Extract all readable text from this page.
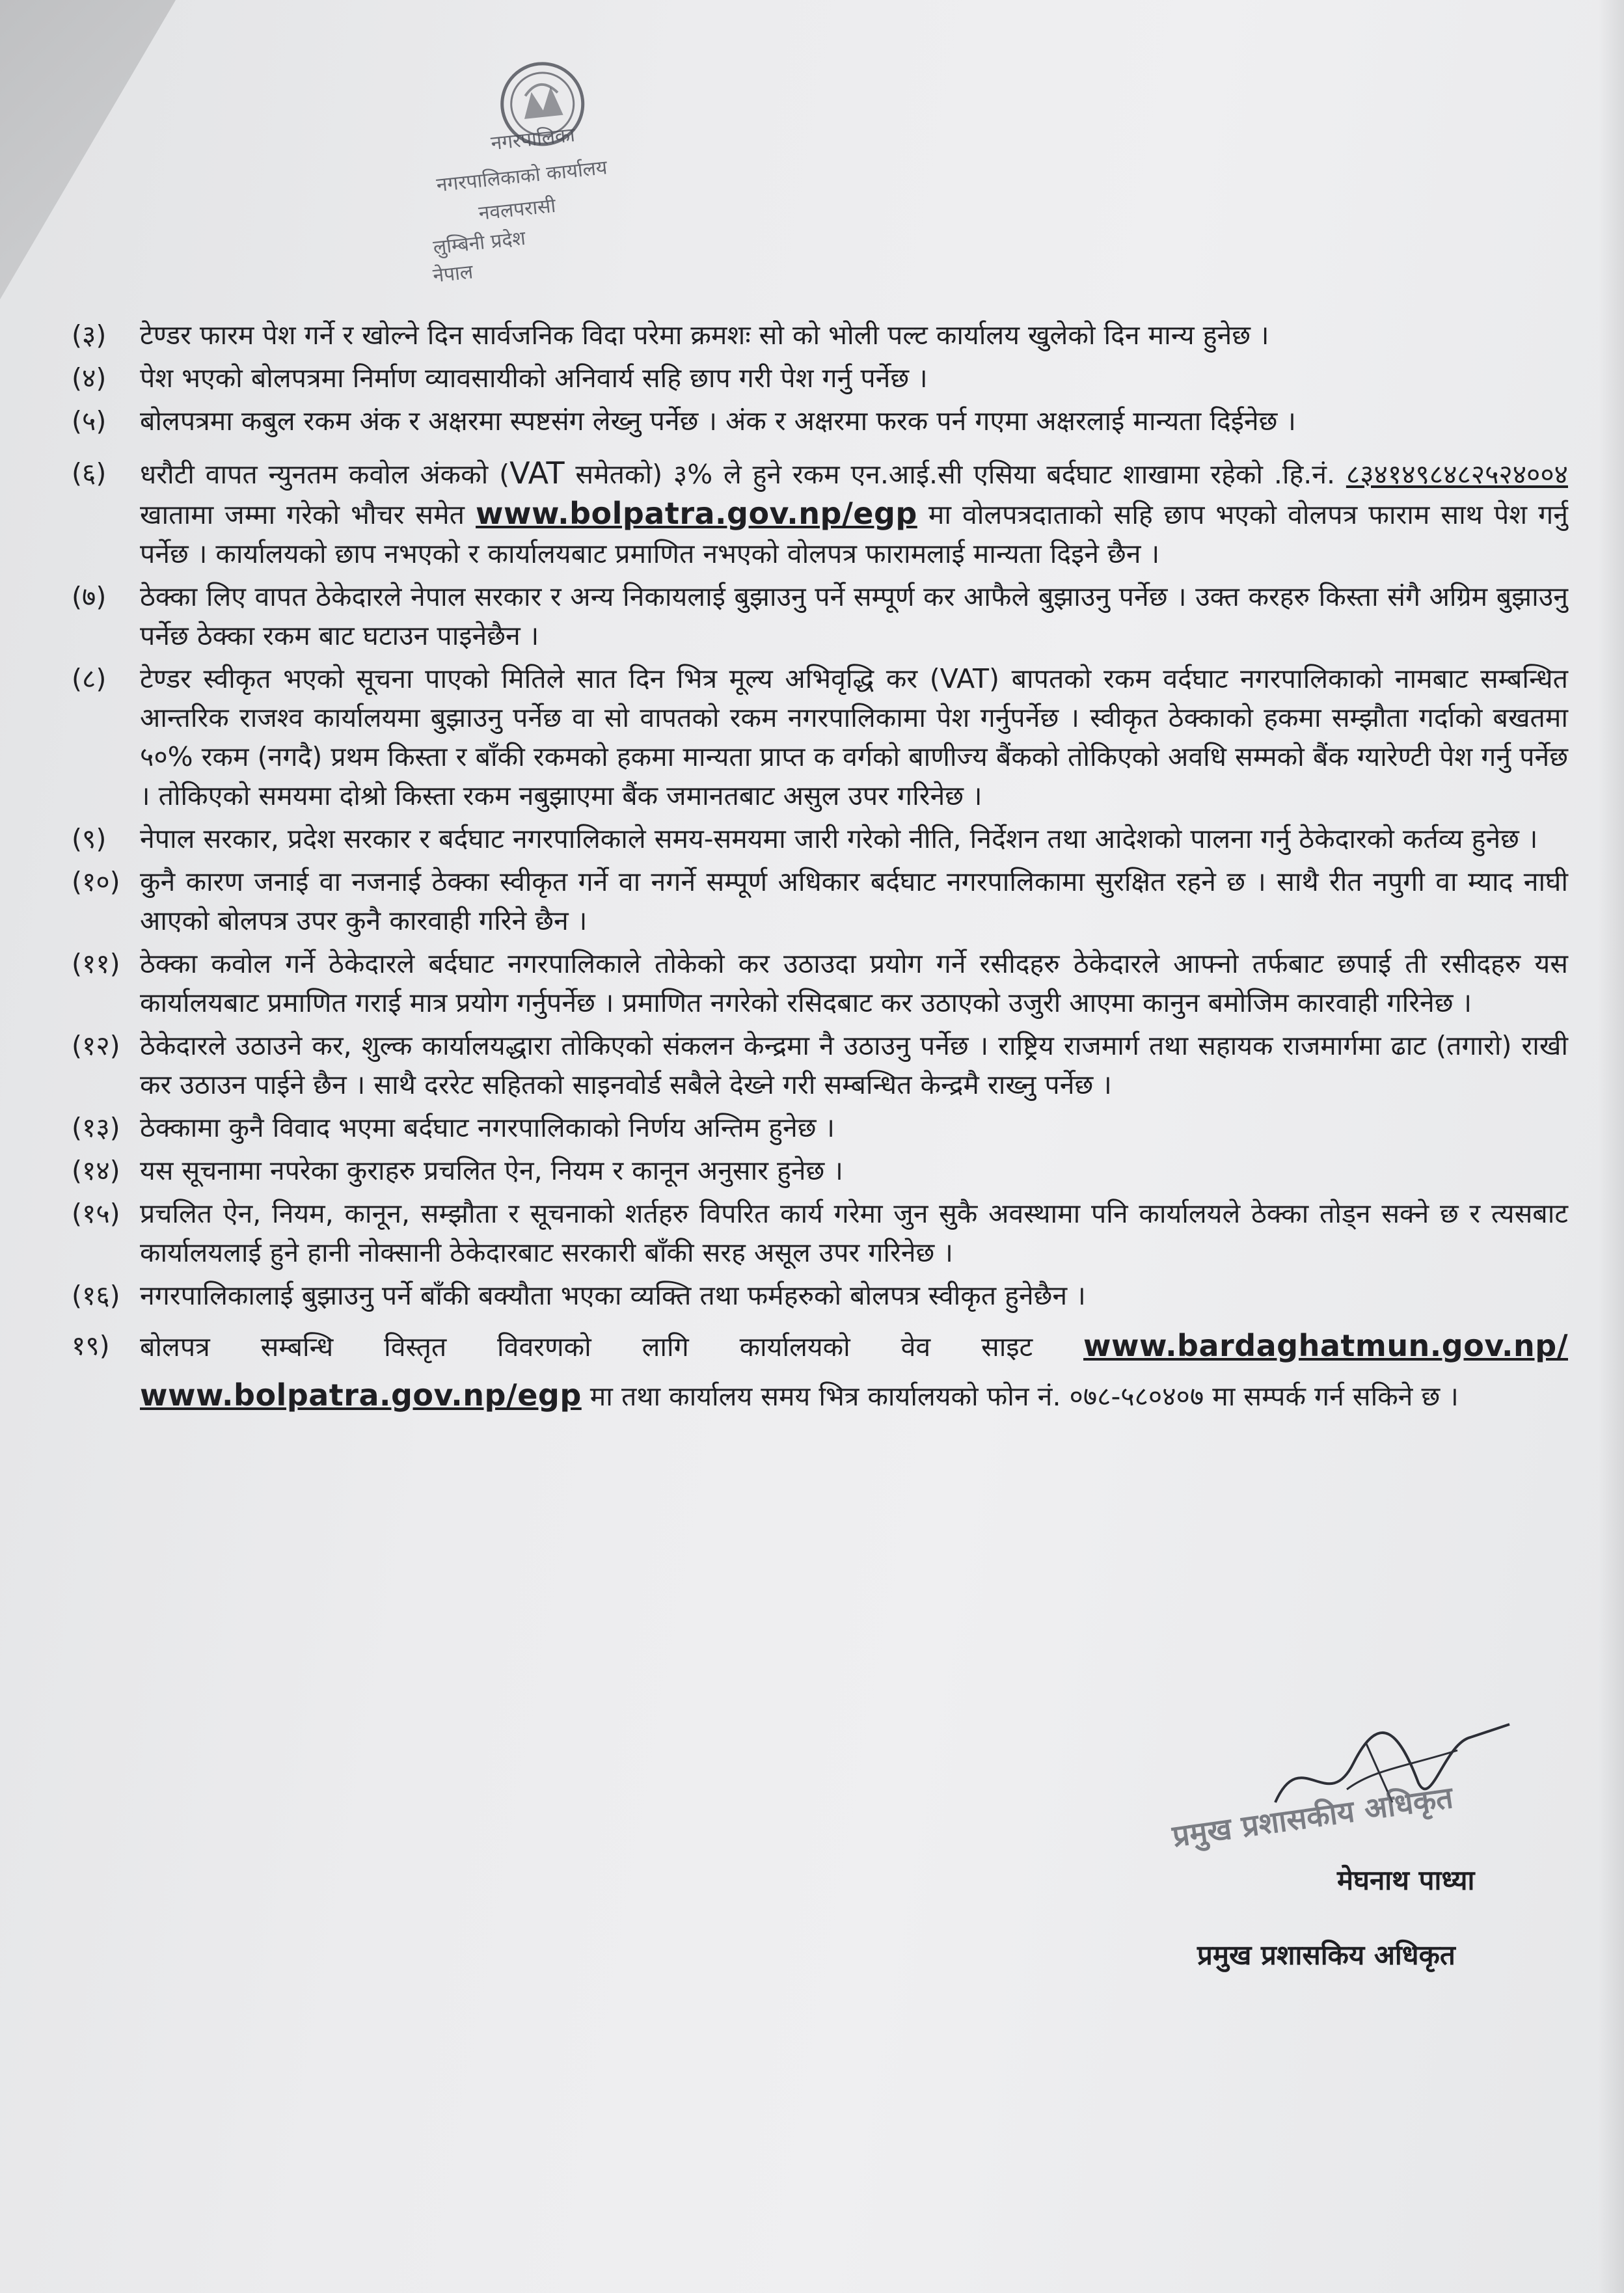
नगरपालिका
नगरपालिकाको कार्यालय
नवलपरासी
लुम्बिनी प्रदेश
नेपाल
(३) टेण्डर फारम पेश गर्ने र खोल्ने दिन सार्वजनिक विदा परेमा क्रमशः सो को भोली पल्ट कार्यालय खुलेको दिन मान्य हुनेछ ।
(४) पेश भएको बोलपत्रमा निर्माण व्यावसायीको अनिवार्य सहि छाप गरी पेश गर्नु पर्नेछ ।
(५) बोलपत्रमा कबुल रकम अंक र अक्षरमा स्पष्टसंग लेख्नु पर्नेछ । अंक र अक्षरमा फरक पर्न गएमा अक्षरलाई मान्यता दिईनेछ ।
(६) धरौटी वापत न्युनतम कवोल अंकको (VAT समेतको) ३% ले हुने रकम एन.आई.सी एसिया बर्दघाट शाखामा रहेको .हि.नं. ८३४१४९८४८२५२४००४ खातामा जम्मा गरेको भौचर समेत www.bolpatra.gov.np/egp मा वोलपत्रदाताको सहि छाप भएको वोलपत्र फाराम साथ पेश गर्नु पर्नेछ । कार्यालयको छाप नभएको र कार्यालयबाट प्रमाणित नभएको वोलपत्र फारामलाई मान्यता दिइने छैन ।
(७) ठेक्का लिए वापत ठेकेदारले नेपाल सरकार र अन्य निकायलाई बुझाउनु पर्ने सम्पूर्ण कर आफैले बुझाउनु पर्नेछ । उक्त करहरु किस्ता संगै अग्रिम बुझाउनु पर्नेछ ठेक्का रकम बाट घटाउन पाइनेछैन ।
(८) टेण्डर स्वीकृत भएको सूचना पाएको मितिले सात दिन भित्र मूल्य अभिवृद्धि कर (VAT) बापतको रकम वर्दघाट नगरपालिकाको नामबाट सम्बन्धित आन्तरिक राजश्व कार्यालयमा बुझाउनु पर्नेछ वा सो वापतको रकम नगरपालिकामा पेश गर्नुपर्नेछ । स्वीकृत ठेक्काको हकमा सम्झौता गर्दाको बखतमा ५०% रकम (नगदै) प्रथम किस्ता र बाँकी रकमको हकमा मान्यता प्राप्त क वर्गको बाणीज्य बैंकको तोकिएको अवधि सम्मको बैंक ग्यारेण्टी पेश गर्नु पर्नेछ । तोकिएको समयमा दोश्रो किस्ता रकम नबुझाएमा बैंक जमानतबाट असुल उपर गरिनेछ ।
(९) नेपाल सरकार, प्रदेश सरकार र बर्दघाट नगरपालिकाले समय-समयमा जारी गरेको नीति, निर्देशन तथा आदेशको पालना गर्नु ठेकेदारको कर्तव्य हुनेछ ।
(१०) कुनै कारण जनाई वा नजनाई ठेक्का स्वीकृत गर्ने वा नगर्ने सम्पूर्ण अधिकार बर्दघाट नगरपालिकामा सुरक्षित रहने छ । साथै रीत नपुगी वा म्याद नाघी आएको बोलपत्र उपर कुनै कारवाही गरिने छैन ।
(११) ठेक्का कवोल गर्ने ठेकेदारले बर्दघाट नगरपालिकाले तोकेको कर उठाउदा प्रयोग गर्ने रसीदहरु ठेकेदारले आफ्नो तर्फबाट छपाई ती रसीदहरु यस कार्यालयबाट प्रमाणित गराई मात्र प्रयोग गर्नुपर्नेछ । प्रमाणित नगरेको रसिदबाट कर उठाएको उजुरी आएमा कानुन बमोजिम कारवाही गरिनेछ ।
(१२) ठेकेदारले उठाउने कर, शुल्क कार्यालयद्धारा तोकिएको संकलन केन्द्रमा नै उठाउनु पर्नेछ । राष्ट्रिय राजमार्ग तथा सहायक राजमार्गमा ढाट (तगारो) राखी कर उठाउन पाईने छैन । साथै दररेट सहितको साइनवोर्ड सबैले देख्ने गरी सम्बन्धित केन्द्रमै राख्नु पर्नेछ ।
(१३) ठेक्कामा कुनै विवाद भएमा बर्दघाट नगरपालिकाको निर्णय अन्तिम हुनेछ ।
(१४) यस सूचनामा नपरेका कुराहरु प्रचलित ऐन, नियम र कानून अनुसार हुनेछ ।
(१५) प्रचलित ऐन, नियम, कानून, सम्झौता र सूचनाको शर्तहरु विपरित कार्य गरेमा जुन सुकै अवस्थामा पनि कार्यालयले ठेक्का तोड्न सक्ने छ र त्यसबाट कार्यालयलाई हुने हानी नोक्सानी ठेकेदारबाट सरकारी बाँकी सरह असूल उपर गरिनेछ ।
(१६) नगरपालिकालाई बुझाउनु पर्ने बाँकी बक्यौता भएका व्यक्ति तथा फर्महरुको बोलपत्र स्वीकृत हुनेछैन ।
१९) बोलपत्र सम्बन्धि विस्तृत विवरणको लागि कार्यालयको वेव साइट www.bardaghatmun.gov.np/ www.bolpatra.gov.np/egp मा तथा कार्यालय समय भित्र कार्यालयको फोन नं. ०७८-५८०४०७ मा सम्पर्क गर्न सकिने छ ।
प्रमुख प्रशासकीय अधिकृत
मेघनाथ पाध्या
प्रमुख प्रशासकिय अधिकृत
